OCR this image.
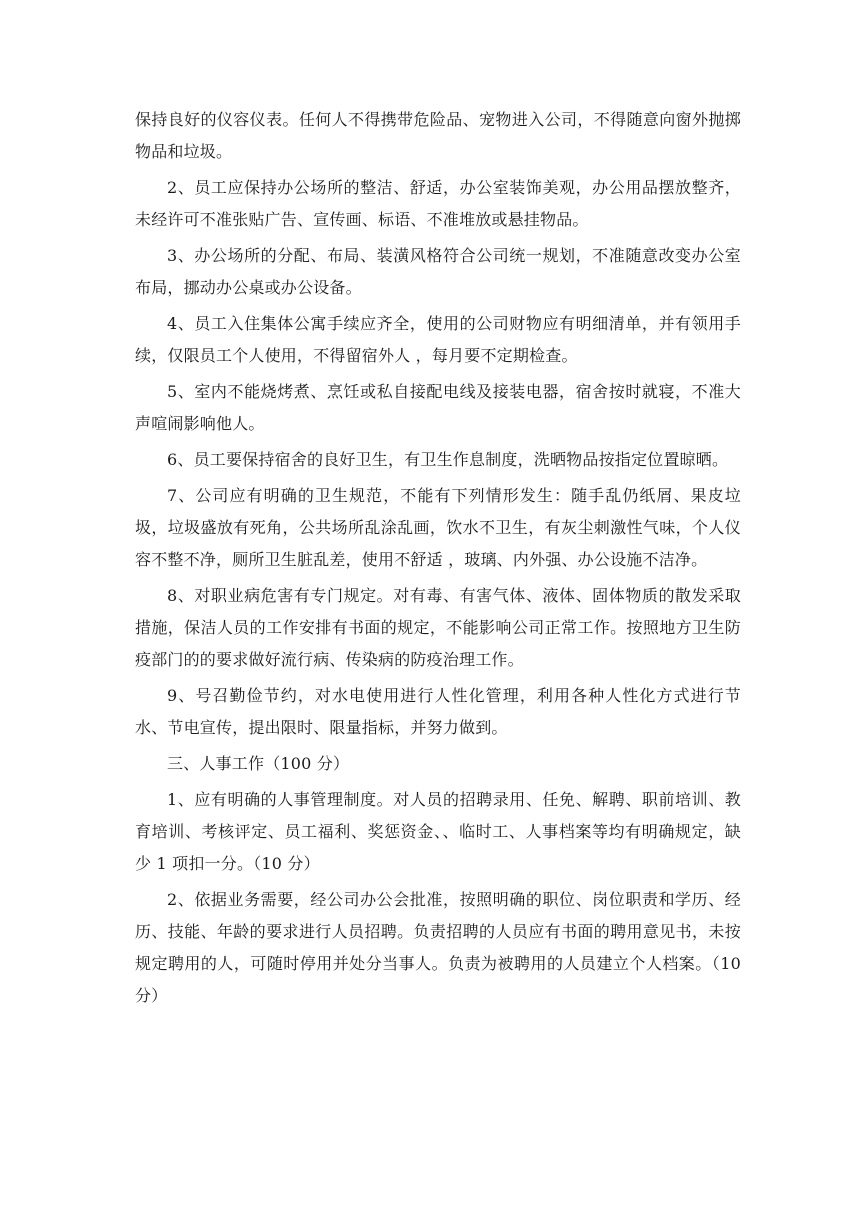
保持良好的仪容仪表。任何人不得携带危险品、宠物进入公司，不得随意向窗外抛掷物品和垃圾。

2、员工应保持办公场所的整洁、舒适，办公室装饰美观，办公用品摆放整齐，未经许可不准张贴广告、宣传画、标语、不准堆放或悬挂物品。

3、办公场所的分配、布局、装潢风格符合公司统一规划，不准随意改变办公室布局，挪动办公桌或办公设备。

4、员工入住集体公寓手续应齐全，使用的公司财物应有明细清单，并有领用手续，仅限员工个人使用，不得留宿外人 ，每月要不定期检查。

5、室内不能烧烤煮、烹饪或私自接配电线及接装电器，宿舍按时就寝，不准大声喧闹影响他人。

6、员工要保持宿舍的良好卫生，有卫生作息制度，洗晒物品按指定位置晾晒。

7、公司应有明确的卫生规范，不能有下列情形发生：随手乱仍纸屑、果皮垃圾，垃圾盛放有死角，公共场所乱涂乱画，饮水不卫生，有灰尘刺激性气味，个人仪容不整不净，厕所卫生脏乱差，使用不舒适 ，玻璃、内外强、办公设施不洁净。

8、对职业病危害有专门规定。对有毒、有害气体、液体、固体物质的散发采取措施，保洁人员的工作安排有书面的规定，不能影响公司正常工作。按照地方卫生防疫部门的的要求做好流行病、传染病的防疫治理工作。

9、号召勤俭节约，对水电使用进行人性化管理，利用各种人性化方式进行节水、节电宣传，提出限时、限量指标，并努力做到。

三、人事工作（100 分）

1、应有明确的人事管理制度。对人员的招聘录用、任免、解聘、职前培训、教育培训、考核评定、员工福利、奖惩资金、、临时工、人事档案等均有明确规定，缺少 1 项扣一分。（10 分）

2、依据业务需要，经公司办公会批准，按照明确的职位、岗位职责和学历、经历、技能、年龄的要求进行人员招聘。负责招聘的人员应有书面的聘用意见书，未按规定聘用的人，可随时停用并处分当事人。负责为被聘用的人员建立个人档案。（10 分）
